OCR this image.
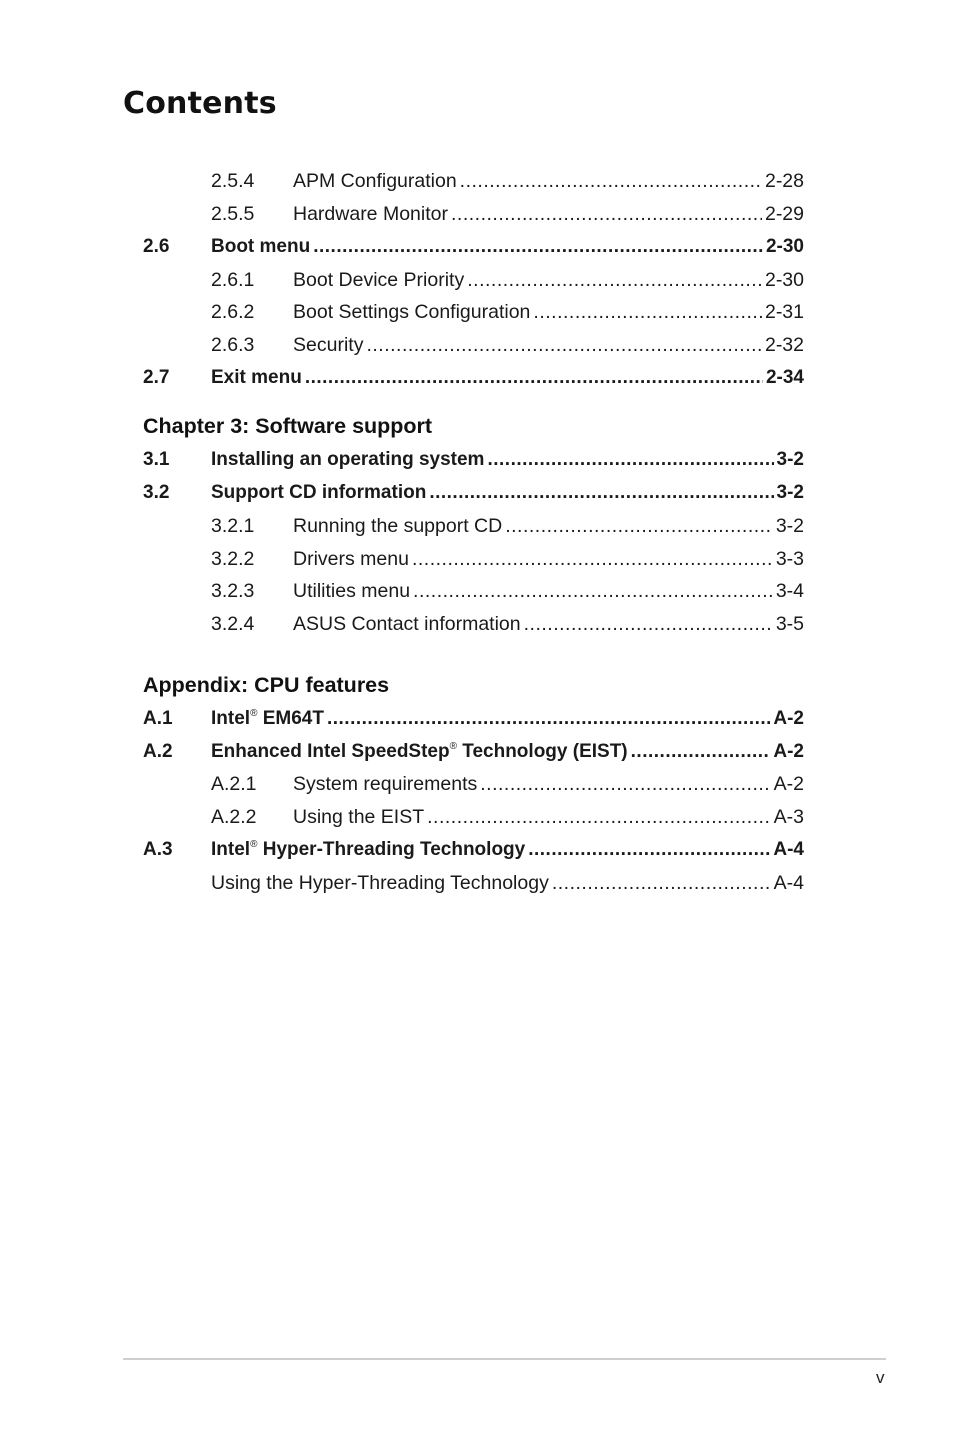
Contents
2.5.4 APM Configuration .....	2-28
2.5.5 Hardware Monitor .....	2-29
2.6 Boot menu .....	2-30
2.6.1 Boot Device Priority .....	2-30
2.6.2 Boot Settings Configuration .....	2-31
2.6.3 Security .....	2-32
2.7 Exit menu .....	2-34
Chapter 3: Software support
3.1 Installing an operating system .....	3-2
3.2 Support CD information .....	3-2
3.2.1 Running the support CD .....	3-2
3.2.2 Drivers menu .....	3-3
3.2.3 Utilities menu .....	3-4
3.2.4 ASUS Contact information .....	3-5
Appendix: CPU features
A.1 Intel® EM64T .....	A-2
A.2 Enhanced Intel SpeedStep® Technology (EIST) .....	A-2
A.2.1 System requirements .....	A-2
A.2.2 Using the EIST .....	A-3
A.3 Intel® Hyper-Threading Technology .....	A-4
Using the Hyper-Threading Technology .....	A-4
v
